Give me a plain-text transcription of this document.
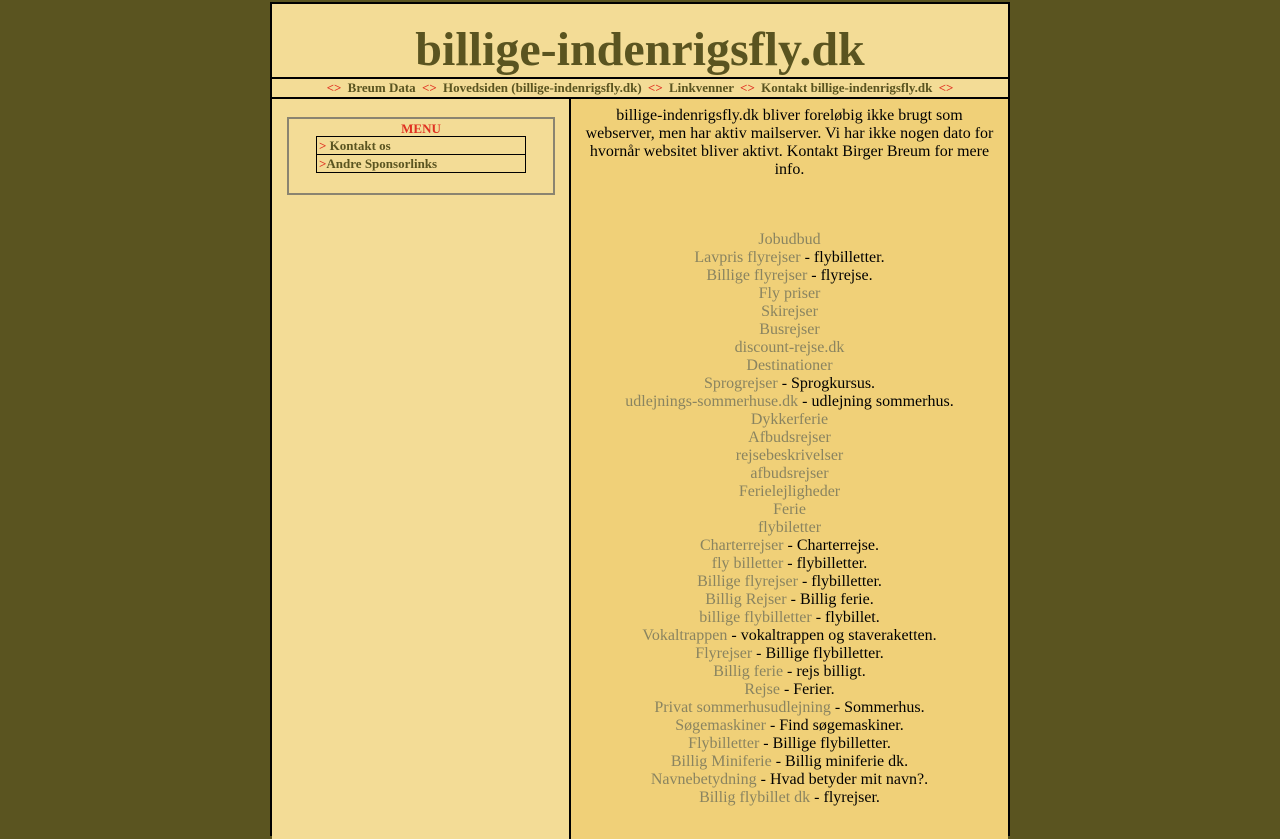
billige-indenrigsfly.dk
<> Breum Data <> Hovedsiden (billige-indenrigsfly.dk) <> Linkvenner <> Kontakt billige-indenrigsfly.dk <>
MENU
> Kontakt os
>Andre Sponsorlinks
billige-indenrigsfly.dk bliver foreløbig ikke brugt som webserver, men har aktiv mailserver. Vi har ikke nogen dato for hvornår websitet bliver aktivt. Kontakt Birger Breum for mere info.
Jobudbud
Lavpris flyrejser - flybilletter.
Billige flyrejser - flyrejse.
Fly priser
Skirejser
Busrejser
discount-rejse.dk
Destinationer
Sprogrejser - Sprogkursus.
udlejnings-sommerhuse.dk - udlejning sommerhus.
Dykkerferie
Afbudsrejser
rejsebeskrivelser
afbudsrejser
Ferielejligheder
Ferie
flybiletter
Charterrejser - Charterrejse.
fly billetter - flybilletter.
Billige flyrejser - flybilletter.
Billig Rejser - Billig ferie.
billige flybilletter - flybillet.
Vokaltrappen - vokaltrappen og staveraketten.
Flyrejser - Billige flybilletter.
Billig ferie - rejs billigt.
Rejse - Ferier.
Privat sommerhusudlejning - Sommerhus.
Søgemaskiner - Find søgemaskiner.
Flybilletter - Billige flybilletter.
Billig Miniferie - Billig miniferie dk.
Navnebetydning - Hvad betyder mit navn?.
Billig flybillet dk - flyrejser.
